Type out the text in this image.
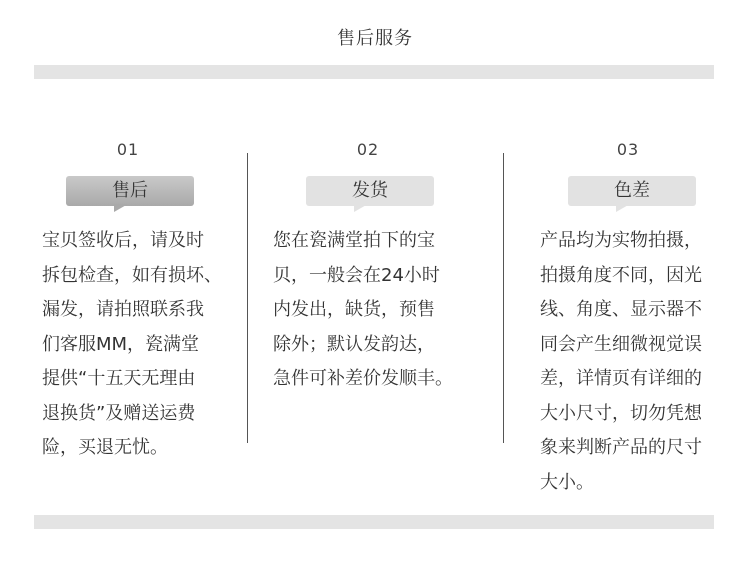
售后服务
01
售后
宝贝签收后，请及时
拆包检查，如有损坏、
漏发，请拍照联系我
们客服MM，瓷满堂
提供“十五天无理由
退换货”及赠送运费
险，买退无忧。
02
发货
您在瓷满堂拍下的宝
贝，一般会在24小时
内发出，缺货，预售
除外；默认发韵达，
急件可补差价发顺丰。
03
色差
产品均为实物拍摄，
拍摄角度不同，因光
线、角度、显示器不
同会产生细微视觉误
差，详情页有详细的
大小尺寸，切勿凭想
象来判断产品的尺寸
大小。
